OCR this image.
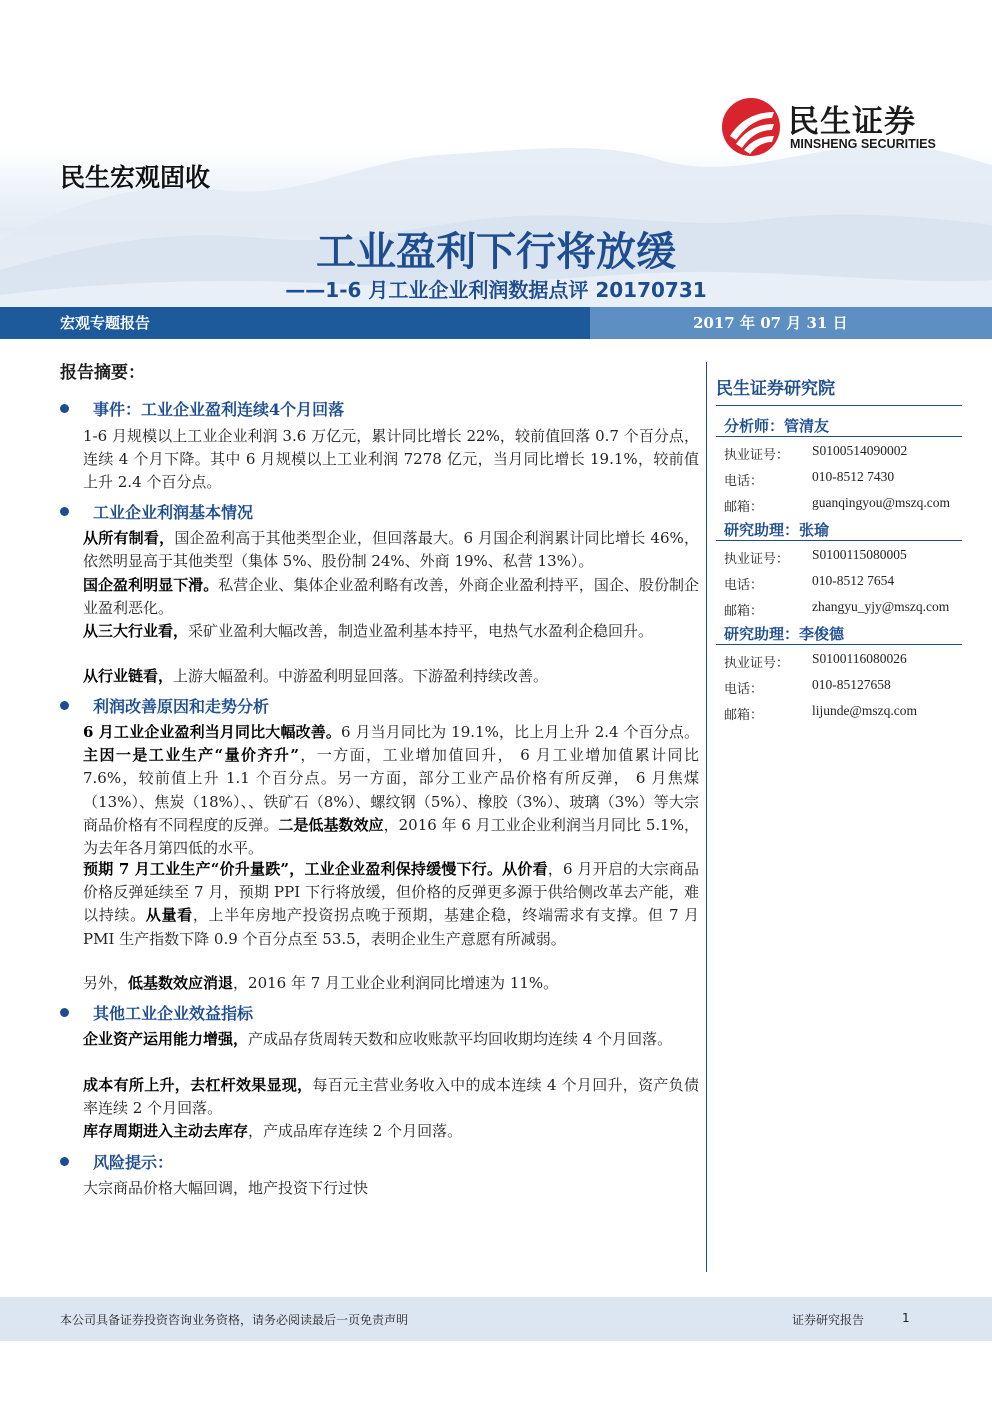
民生证券
MINSHENG SECURITIES
民生宏观固收
工业盈利下行将放缓
——1-6 月工业企业利润数据点评 20170731
宏观专题报告	2017 年 07 月 31 日
报告摘要：
事件：工业企业盈利连续4个月回落
1-6 月规模以上工业企业利润 3.6 万亿元，累计同比增长 22%，较前值回落 0.7 个百分点，连续 4 个月下降。其中 6 月规模以上工业利润 7278 亿元，当月同比增长 19.1%，较前值上升 2.4 个百分点。
工业企业利润基本情况
从所有制看，国企盈利高于其他类型企业，但回落最大。6 月国企利润累计同比增长 46%，依然明显高于其他类型（集体 5%、股份制 24%、外商 19%、私营 13%）。
国企盈利明显下滑。私营企业、集体企业盈利略有改善，外商企业盈利持平，国企、股份制企业盈利恶化。
从三大行业看，采矿业盈利大幅改善，制造业盈利基本持平，电热气水盈利企稳回升。
从行业链看，上游大幅盈利。中游盈利明显回落。下游盈利持续改善。
利润改善原因和走势分析
6 月工业企业盈利当月同比大幅改善。6 月当月同比为 19.1%，比上月上升 2.4 个百分点。主因一是工业生产“量价齐升”，一方面，工业增加值回升， 6 月工业增加值累计同比 7.6%，较前值上升 1.1 个百分点。另一方面，部分工业产品价格有所反弹， 6 月焦煤（13%）、焦炭（18%）、、铁矿石（8%）、螺纹钢（5%）、橡胶（3%）、玻璃（3%）等大宗商品价格有不同程度的反弹。二是低基数效应，2016 年 6 月工业企业利润当月同比 5.1%，为去年各月第四低的水平。
预期 7 月工业生产“价升量跌”，工业企业盈利保持缓慢下行。从价看，6 月开启的大宗商品价格反弹延续至 7 月，预期 PPI 下行将放缓，但价格的反弹更多源于供给侧改革去产能，难以持续。从量看，上半年房地产投资拐点晚于预期，基建企稳，终端需求有支撑。但 7 月 PMI 生产指数下降 0.9 个百分点至 53.5，表明企业生产意愿有所减弱。
另外，低基数效应消退，2016 年 7 月工业企业利润同比增速为 11%。
其他工业企业效益指标
企业资产运用能力增强，产成品存货周转天数和应收账款平均回收期均连续 4 个月回落。
成本有所上升，去杠杆效果显现，每百元主营业务收入中的成本连续 4 个月回升，资产负债率连续 2 个月回落。
库存周期进入主动去库存，产成品库存连续 2 个月回落。
风险提示：
大宗商品价格大幅回调，地产投资下行过快
民生证券研究院
分析师：管清友
执业证号： S0100514090002
电话：	010-8512 7430
邮箱：	guanqingyou@mszq.com
研究助理：张瑜
执业证号： S0100115080005
电话：	010-8512 7654
邮箱：	zhangyu_yjy@mszq.com
研究助理：李俊德
执业证号： S0100116080026
电话：	010-85127658
邮箱：	lijunde@mszq.com
本公司具备证券投资咨询业务资格，请务必阅读最后一页免责声明	证券研究报告	1
